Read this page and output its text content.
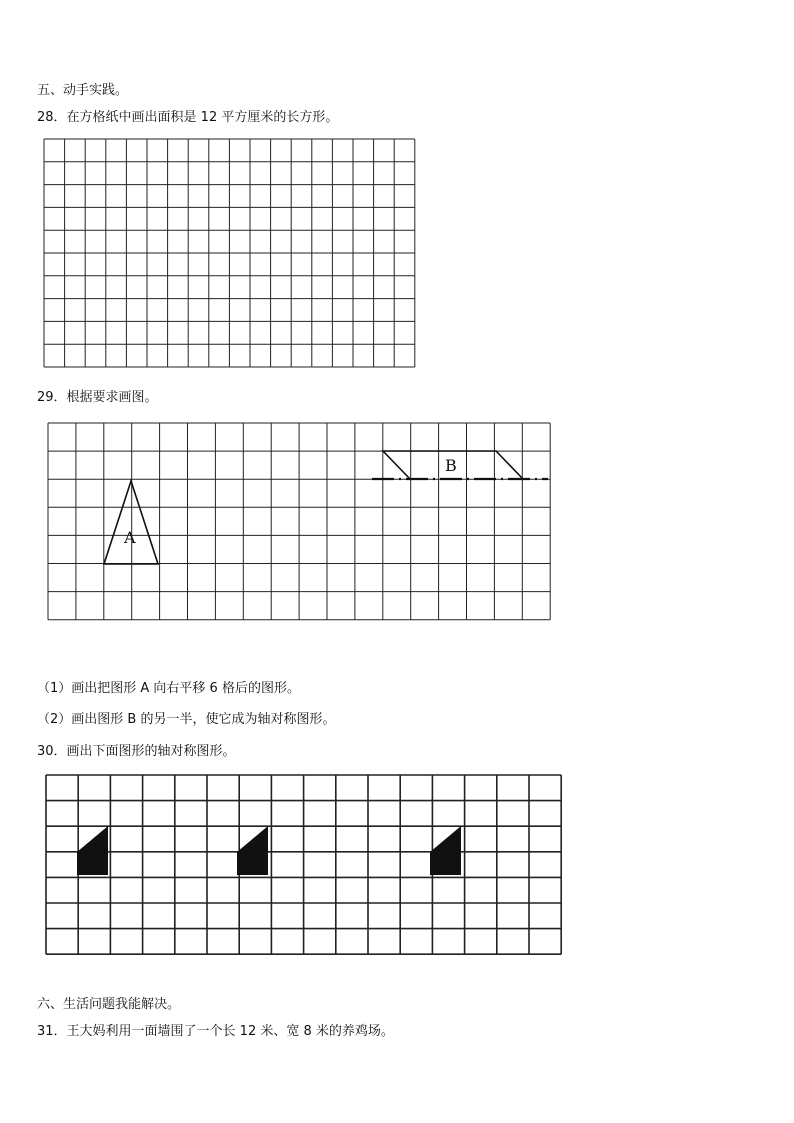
五、动手实践。
28．在方格纸中画出面积是 12 平方厘米的长方形。
29．根据要求画图。
（1）画出把图形 A 向右平移 6 格后的图形。
（2）画出图形 B 的另一半，使它成为轴对称图形。
30．画出下面图形的轴对称图形。
六、生活问题我能解决。
31．王大妈利用一面墙围了一个长 12 米、宽 8 米的养鸡场。
A
B
